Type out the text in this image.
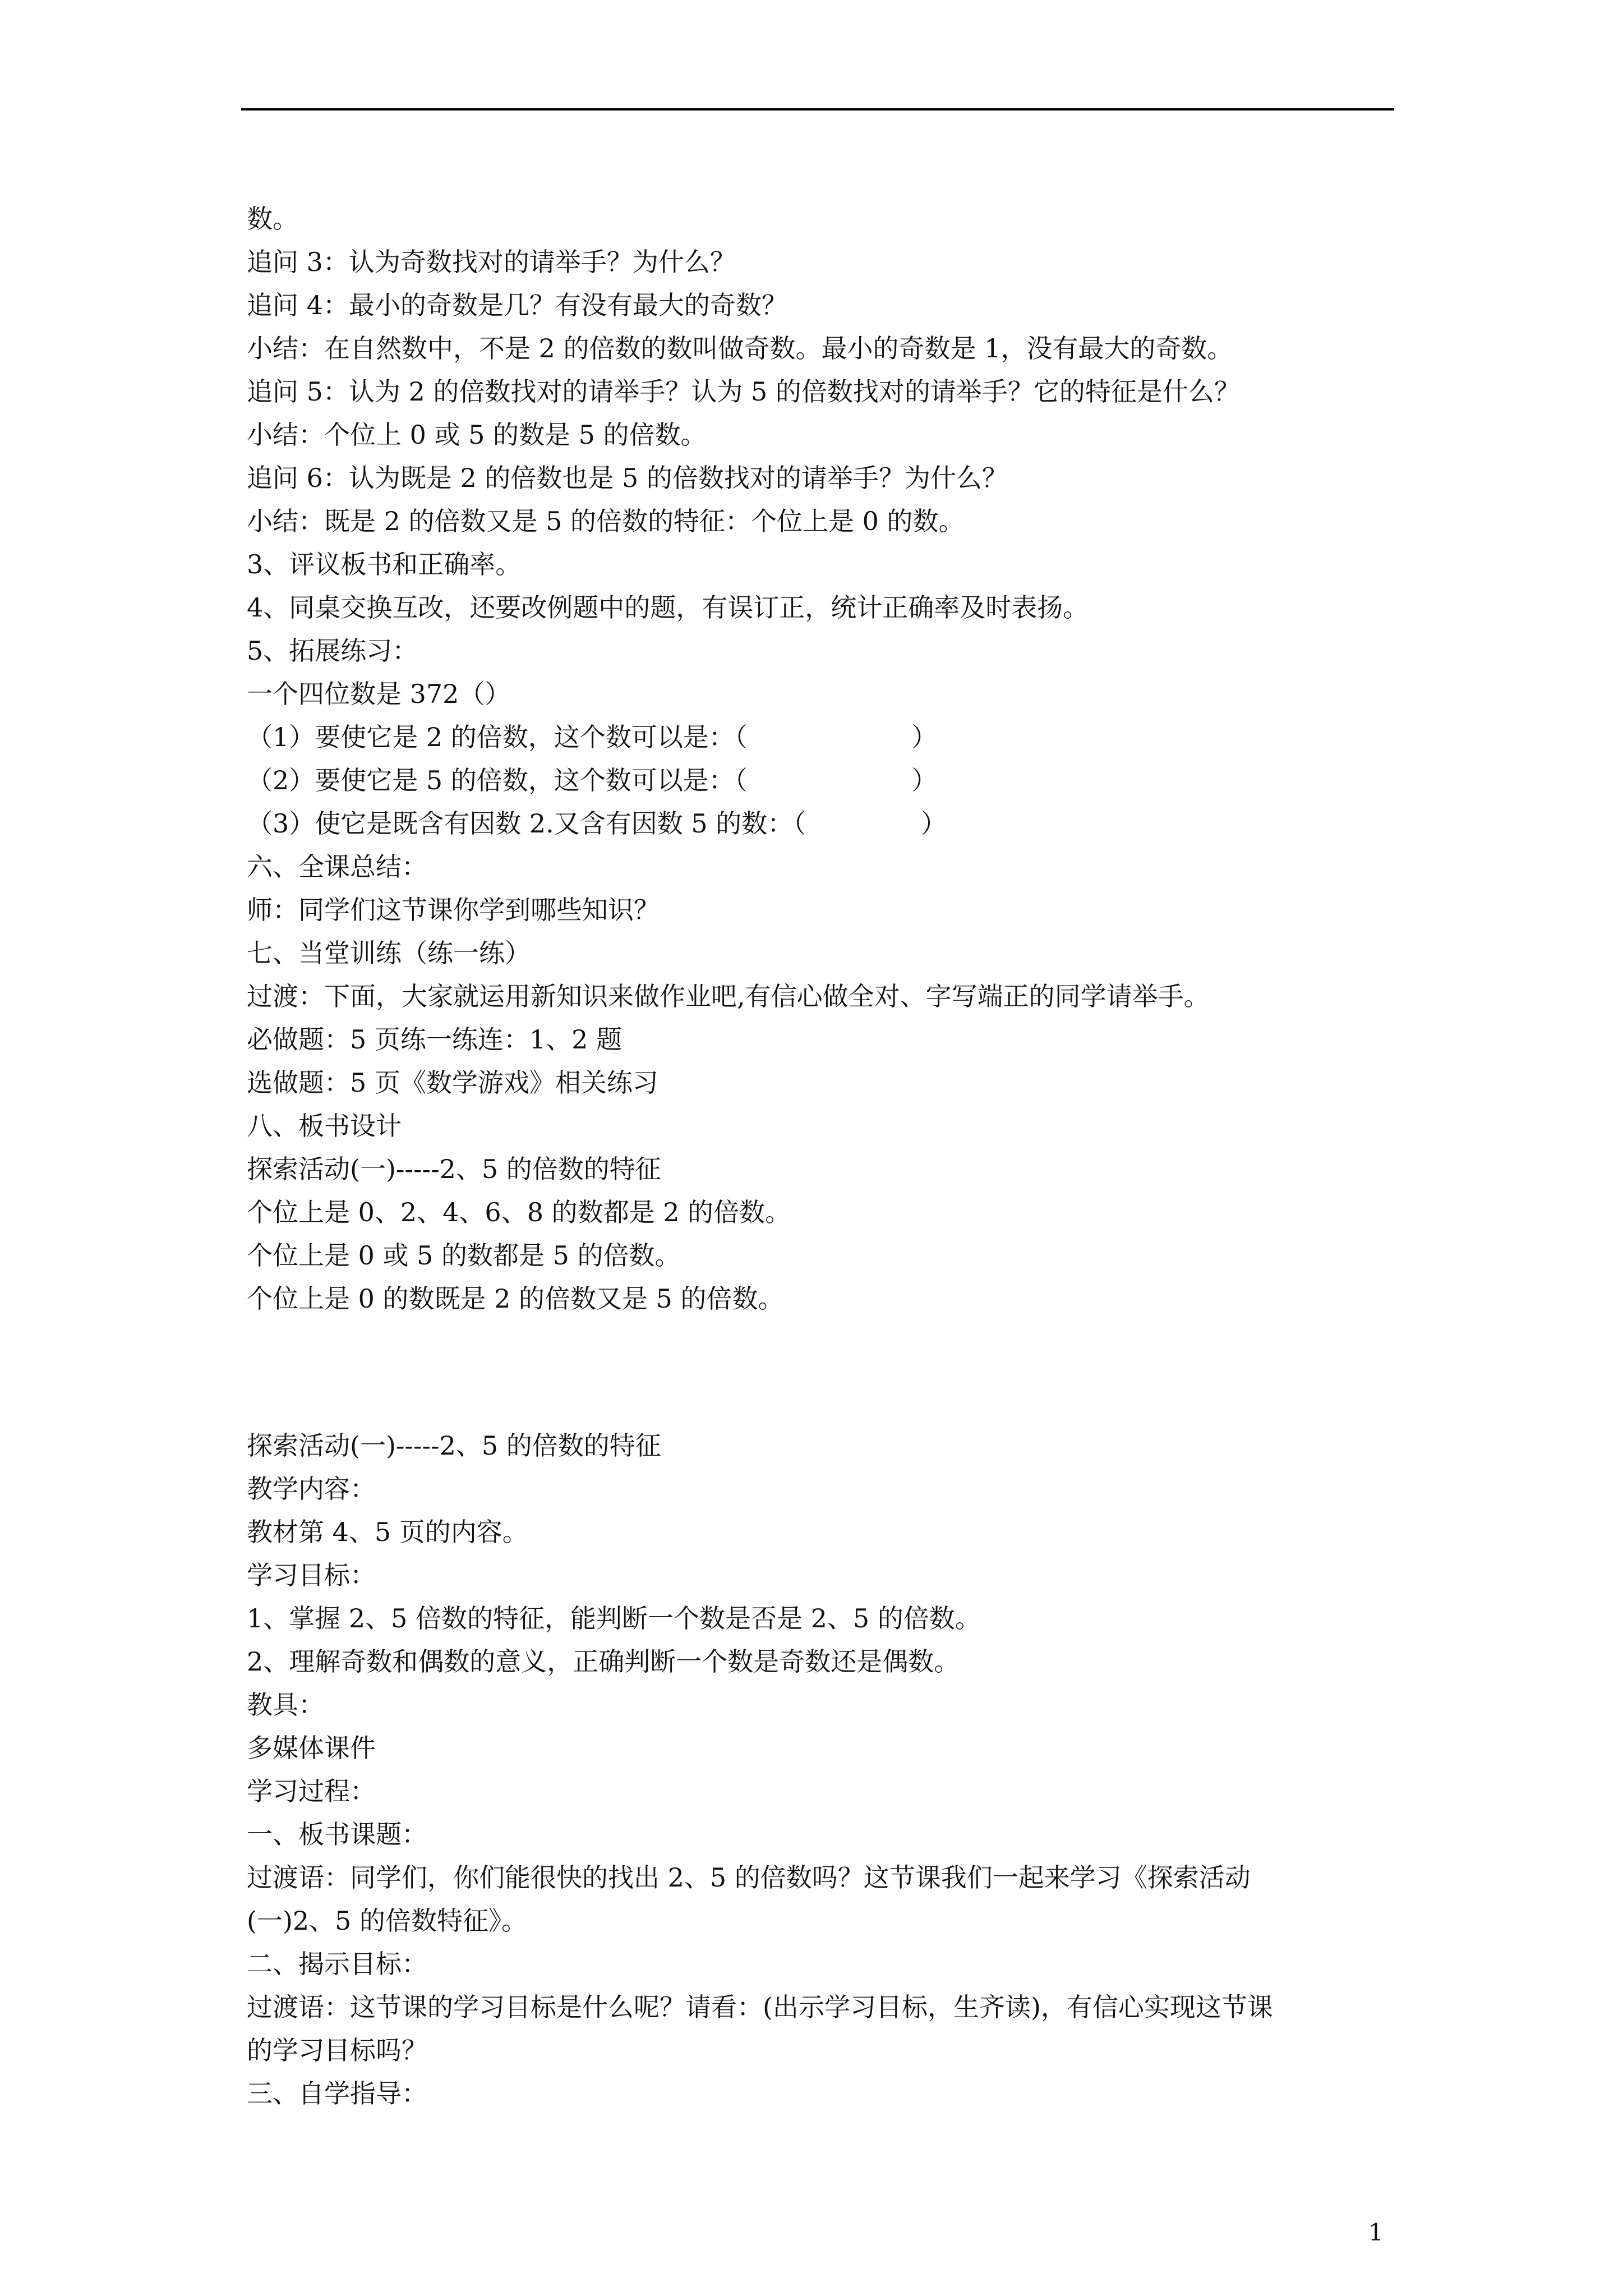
数。
追问 3：认为奇数找对的请举手？为什么？
追问 4：最小的奇数是几？有没有最大的奇数？
小结：在自然数中，不是 2 的倍数的数叫做奇数。最小的奇数是 1，没有最大的奇数。
追问 5：认为 2 的倍数找对的请举手？认为 5 的倍数找对的请举手？它的特征是什么？
小结：个位上 0 或 5 的数是 5 的倍数。
追问 6：认为既是 2 的倍数也是 5 的倍数找对的请举手？为什么？
小结：既是 2 的倍数又是 5 的倍数的特征：个位上是 0 的数。
3、评议板书和正确率。
4、同桌交换互改，还要改例题中的题，有误订正，统计正确率及时表扬。
5、拓展练习：
一个四位数是 372（）
（1）要使它是 2 的倍数，这个数可以是：（                    ）
（2）要使它是 5 的倍数，这个数可以是：（                    ）
（3）使它是既含有因数 2.又含有因数 5 的数：（              ）
六、全课总结：
师：同学们这节课你学到哪些知识？
七、当堂训练（练一练）
过渡：下面，大家就运用新知识来做作业吧,有信心做全对、字写端正的同学请举手。
必做题：5 页练一练连：1、2 题
选做题：5 页《数学游戏》相关练习
八、板书设计
探索活动(一)-----2、5 的倍数的特征
个位上是 0、2、4、6、8 的数都是 2 的倍数。
个位上是 0 或 5 的数都是 5 的倍数。
个位上是 0 的数既是 2 的倍数又是 5 的倍数。
探索活动(一)-----2、5 的倍数的特征
教学内容：
教材第 4、5 页的内容。
学习目标：
1、掌握 2、5 倍数的特征，能判断一个数是否是 2、5 的倍数。
2、理解奇数和偶数的意义，正确判断一个数是奇数还是偶数。
教具：
多媒体课件
学习过程：
一、板书课题：
过渡语：同学们，你们能很快的找出 2、5 的倍数吗？这节课我们一起来学习《探索活动
(一)2、5 的倍数特征》。
二、揭示目标：
过渡语：这节课的学习目标是什么呢？请看：(出示学习目标，生齐读)，有信心实现这节课
的学习目标吗？
三、自学指导：
1
